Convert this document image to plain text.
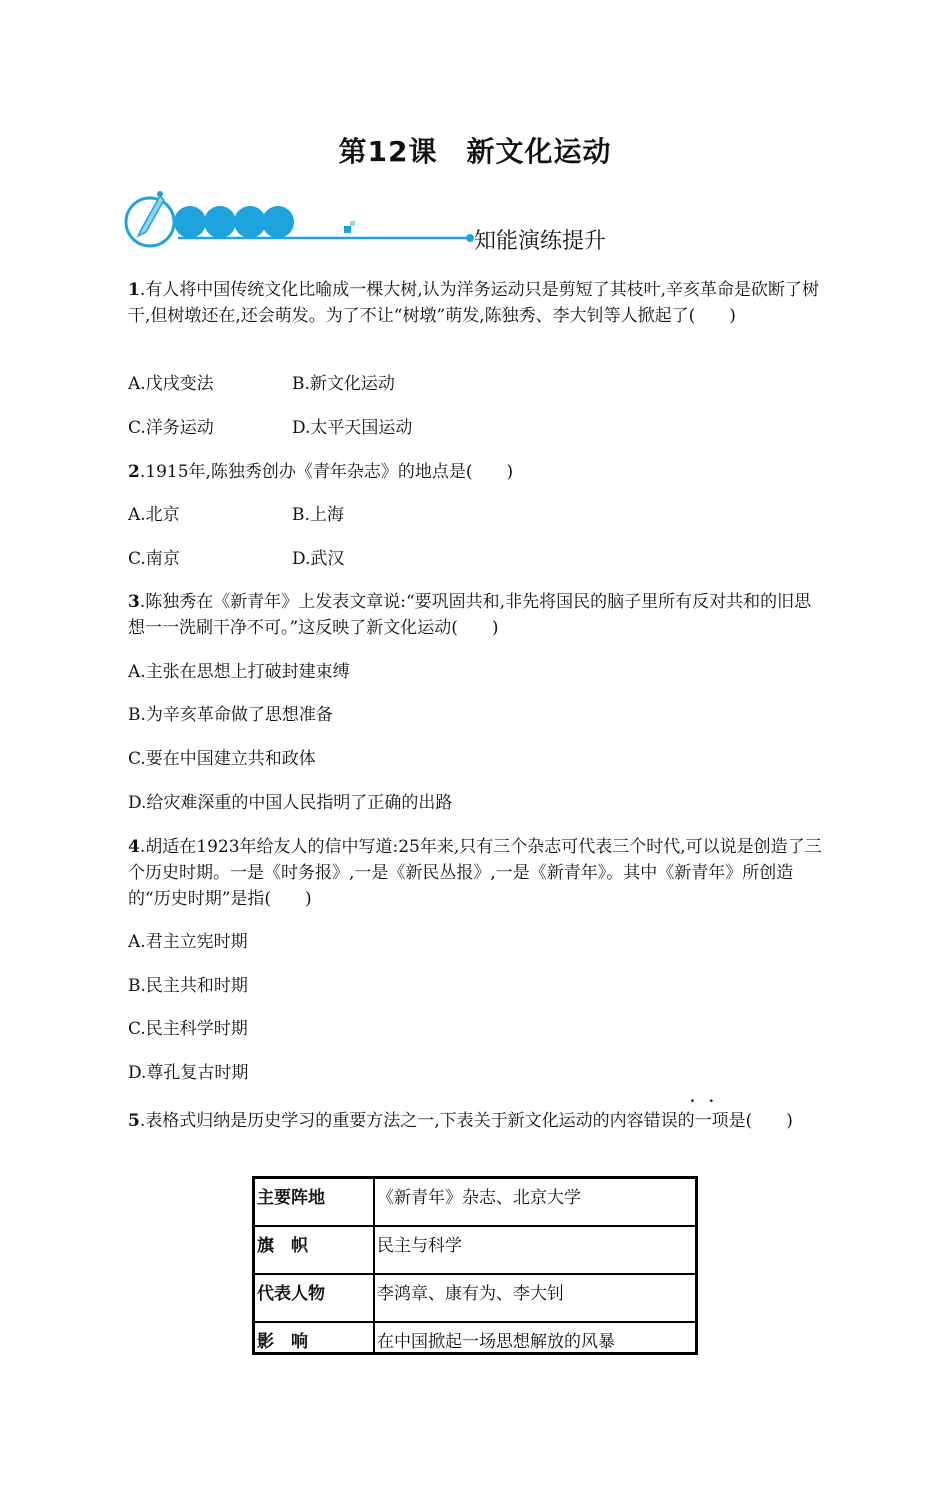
第12课　新文化运动
知能演练提升
1.有人将中国传统文化比喻成一棵大树,认为洋务运动只是剪短了其枝叶,辛亥革命是砍断了树干,但树墩还在,还会萌发。为了不让“树墩”萌发,陈独秀、李大钊等人掀起了(　　)
A.戊戌变法	B.新文化运动
C.洋务运动	D.太平天国运动
2.1915年,陈独秀创办《青年杂志》的地点是(　　)
A.北京	B.上海
C.南京	D.武汉
3.陈独秀在《新青年》上发表文章说:“要巩固共和,非先将国民的脑子里所有反对共和的旧思想一一洗刷干净不可。”这反映了新文化运动(　　)
A.主张在思想上打破封建束缚
B.为辛亥革命做了思想准备
C.要在中国建立共和政体
D.给灾难深重的中国人民指明了正确的出路
4.胡适在1923年给友人的信中写道:25年来,只有三个杂志可代表三个时代,可以说是创造了三个历史时期。一是《时务报》,一是《新民丛报》,一是《新青年》。其中《新青年》所创造的“历史时期”是指(　　)
A.君主立宪时期
B.民主共和时期
C.民主科学时期
D.尊孔复古时期
..
5.表格式归纳是历史学习的重要方法之一,下表关于新文化运动的内容错误的一项是(　　)
主要阵地	《新青年》杂志、北京大学
旗　帜	民主与科学
代表人物	李鸿章、康有为、李大钊
影　响	在中国掀起一场思想解放的风暴
